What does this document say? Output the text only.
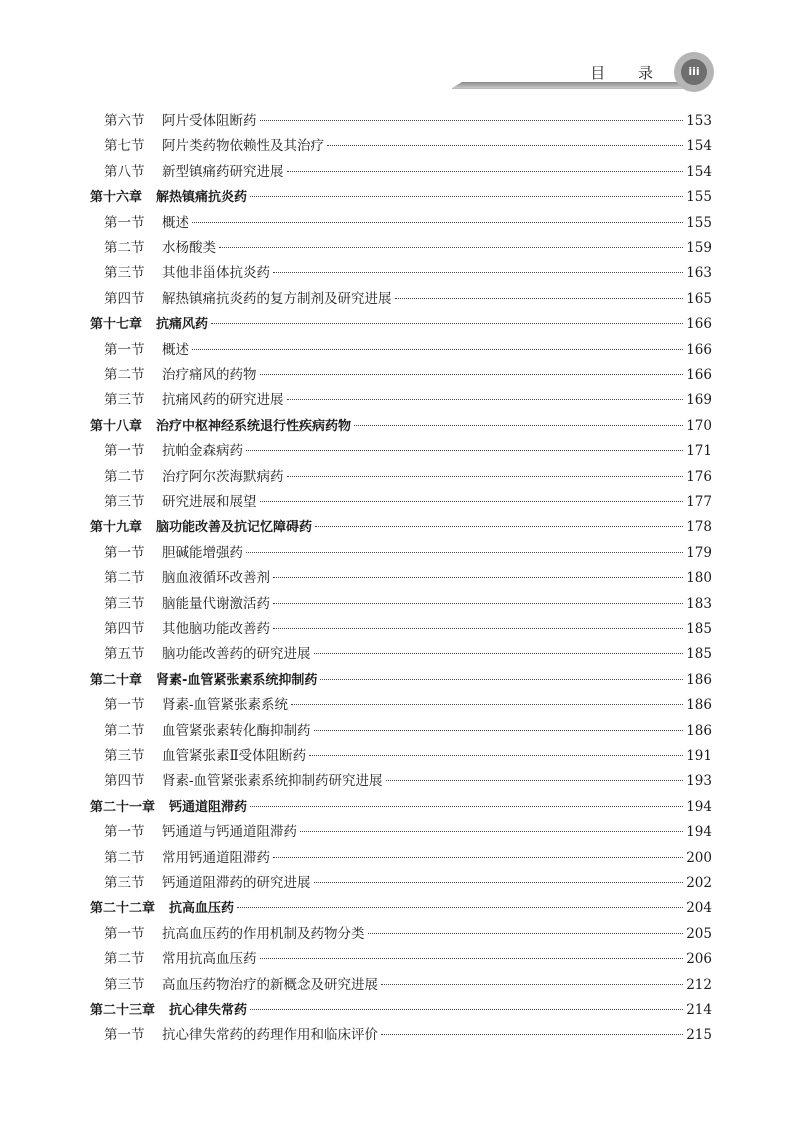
目 录	iii
第六节	阿片受体阻断药	153
第七节	阿片类药物依赖性及其治疗	154
第八节	新型镇痛药研究进展	154
第十六章 解热镇痛抗炎药	155
第一节	概述	155
第二节	水杨酸类	159
第三节	其他非甾体抗炎药	163
第四节	解热镇痛抗炎药的复方制剂及研究进展	165
第十七章 抗痛风药	166
第一节	概述	166
第二节	治疗痛风的药物	166
第三节	抗痛风药的研究进展	169
第十八章 治疗中枢神经系统退行性疾病药物	170
第一节	抗帕金森病药	171
第二节	治疗阿尔茨海默病药	176
第三节	研究进展和展望	177
第十九章 脑功能改善及抗记忆障碍药	178
第一节	胆碱能增强药	179
第二节	脑血液循环改善剂	180
第三节	脑能量代谢激活药	183
第四节	其他脑功能改善药	185
第五节	脑功能改善药的研究进展	185
第二十章 肾素-血管紧张素系统抑制药	186
第一节	肾素-血管紧张素系统	186
第二节	血管紧张素转化酶抑制药	186
第三节	血管紧张素Ⅱ受体阻断药	191
第四节	肾素-血管紧张素系统抑制药研究进展	193
第二十一章 钙通道阻滞药	194
第一节	钙通道与钙通道阻滞药	194
第二节	常用钙通道阻滞药	200
第三节	钙通道阻滞药的研究进展	202
第二十二章 抗高血压药	204
第一节	抗高血压药的作用机制及药物分类	205
第二节	常用抗高血压药	206
第三节	高血压药物治疗的新概念及研究进展	212
第二十三章 抗心律失常药	214
第一节	抗心律失常药的药理作用和临床评价	215
